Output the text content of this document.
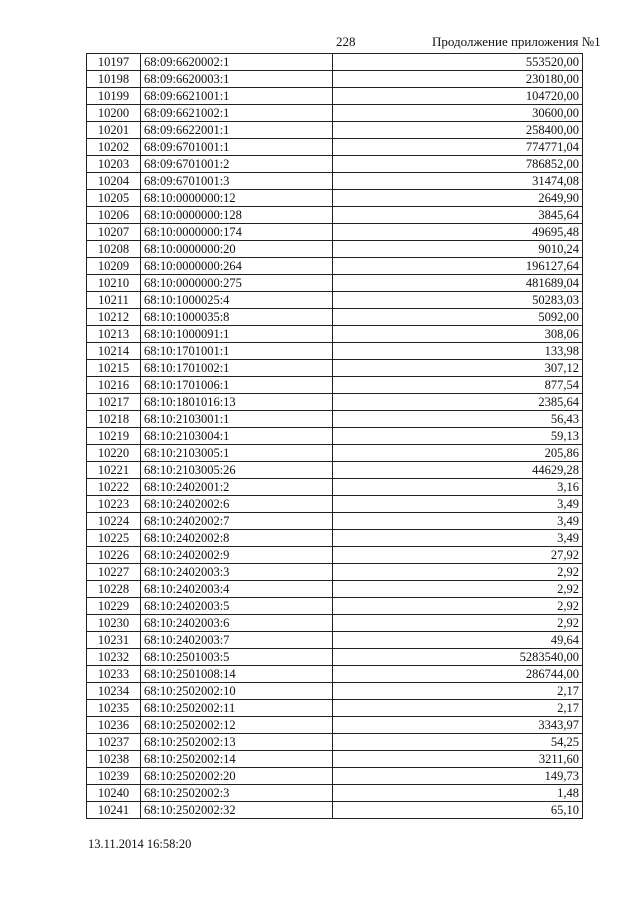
228	Продолжение приложения №1
10197	68:09:6620002:1	553520,00
10198	68:09:6620003:1	230180,00
10199	68:09:6621001:1	104720,00
10200	68:09:6621002:1	30600,00
10201	68:09:6622001:1	258400,00
10202	68:09:6701001:1	774771,04
10203	68:09:6701001:2	786852,00
10204	68:09:6701001:3	31474,08
10205	68:10:0000000:12	2649,90
10206	68:10:0000000:128	3845,64
10207	68:10:0000000:174	49695,48
10208	68:10:0000000:20	9010,24
10209	68:10:0000000:264	196127,64
10210	68:10:0000000:275	481689,04
10211	68:10:1000025:4	50283,03
10212	68:10:1000035:8	5092,00
10213	68:10:1000091:1	308,06
10214	68:10:1701001:1	133,98
10215	68:10:1701002:1	307,12
10216	68:10:1701006:1	877,54
10217	68:10:1801016:13	2385,64
10218	68:10:2103001:1	56,43
10219	68:10:2103004:1	59,13
10220	68:10:2103005:1	205,86
10221	68:10:2103005:26	44629,28
10222	68:10:2402001:2	3,16
10223	68:10:2402002:6	3,49
10224	68:10:2402002:7	3,49
10225	68:10:2402002:8	3,49
10226	68:10:2402002:9	27,92
10227	68:10:2402003:3	2,92
10228	68:10:2402003:4	2,92
10229	68:10:2402003:5	2,92
10230	68:10:2402003:6	2,92
10231	68:10:2402003:7	49,64
10232	68:10:2501003:5	5283540,00
10233	68:10:2501008:14	286744,00
10234	68:10:2502002:10	2,17
10235	68:10:2502002:11	2,17
10236	68:10:2502002:12	3343,97
10237	68:10:2502002:13	54,25
10238	68:10:2502002:14	3211,60
10239	68:10:2502002:20	149,73
10240	68:10:2502002:3	1,48
10241	68:10:2502002:32	65,10
13.11.2014 16:58:20
